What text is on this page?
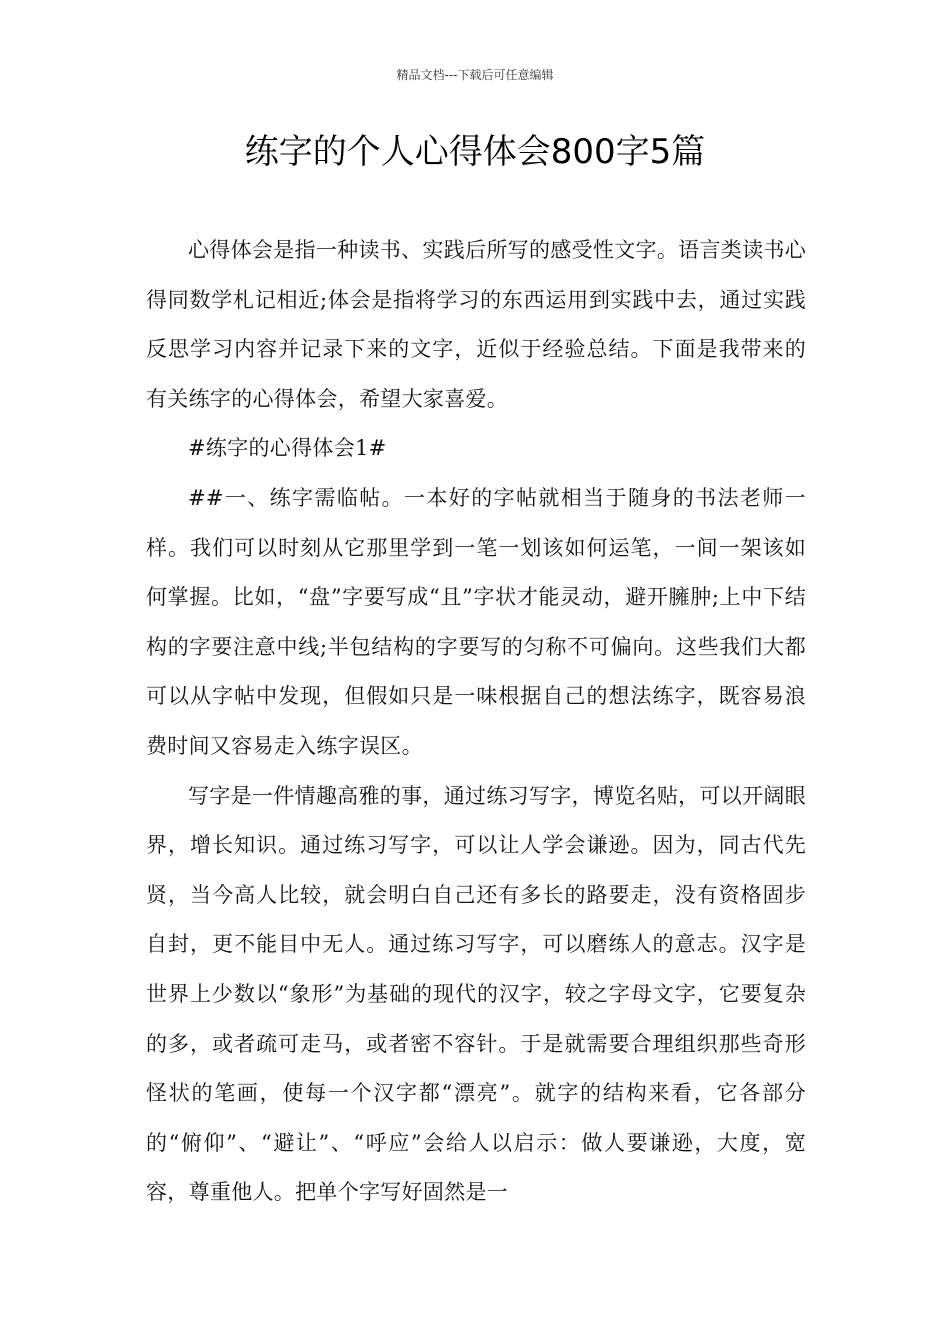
精品文档---下载后可任意编辑
练字的个人心得体会800字5篇

心得体会是指一种读书、实践后所写的感受性文字。语言类读书心得同数学札记相近;体会是指将学习的东西运用到实践中去，通过实践反思学习内容并记录下来的文字，近似于经验总结。下面是我带来的有关练字的心得体会，希望大家喜爱。

#练字的心得体会1#

##一、练字需临帖。一本好的字帖就相当于随身的书法老师一样。我们可以时刻从它那里学到一笔一划该如何运笔，一间一架该如何掌握。比如，“盘”字要写成“且”字状才能灵动，避开臃肿;上中下结构的字要注意中线;半包结构的字要写的匀称不可偏向。这些我们大都可以从字帖中发现，但假如只是一味根据自己的想法练字，既容易浪费时间又容易走入练字误区。

写字是一件情趣高雅的事，通过练习写字，博览名贴，可以开阔眼界，增长知识。通过练习写字，可以让人学会谦逊。因为，同古代先贤，当今高人比较，就会明白自己还有多长的路要走，没有资格固步自封，更不能目中无人。通过练习写字，可以磨练人的意志。汉字是世界上少数以“象形”为基础的现代的汉字，较之字母文字，它要复杂的多，或者疏可走马，或者密不容针。于是就需要合理组织那些奇形怪状的笔画，使每一个汉字都“漂亮”。就字的结构来看，它各部分的“俯仰”、“避让”、“呼应”会给人以启示：做人要谦逊，大度，宽容，尊重他人。把单个字写好固然是一
